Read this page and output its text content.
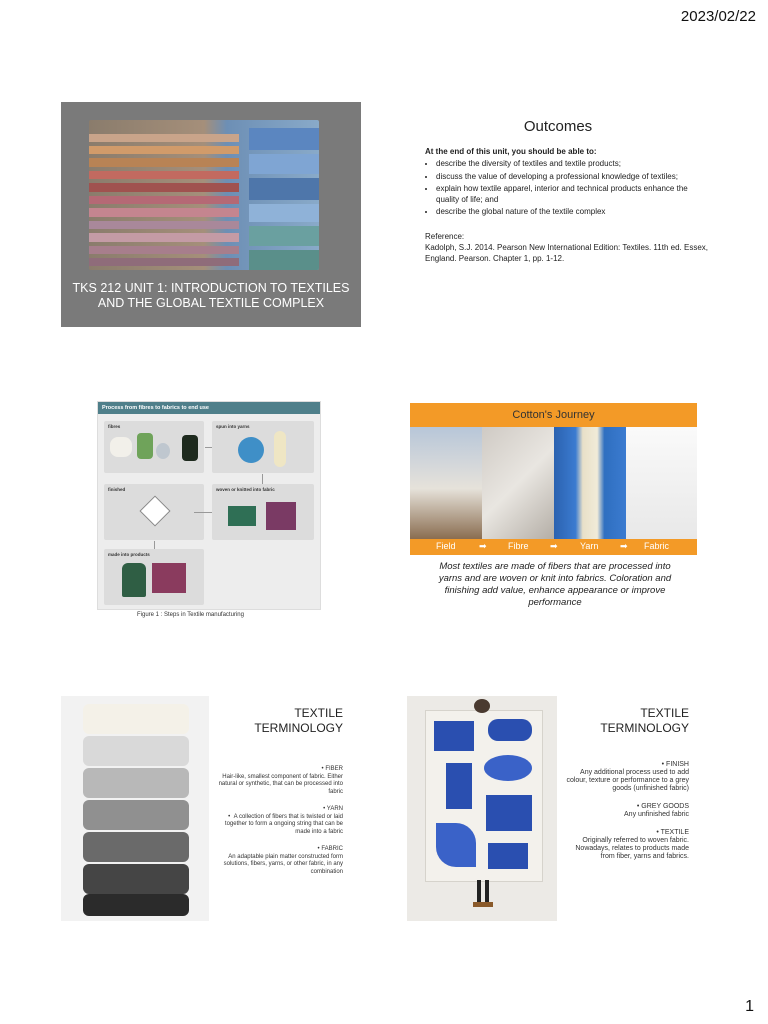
2023/02/22
TKS 212 UNIT 1: INTRODUCTION TO TEXTILES
AND THE GLOBAL TEXTILE COMPLEX
Outcomes
At the end of this unit, you should be able to:
• describe the diversity of textiles and textile products;
• discuss the value of developing a professional knowledge of textiles;
• explain how textile apparel, interior and technical products enhance the quality of life; and
• describe the global nature of the textile complex
Reference:
Kadolph, S.J. 2014. Pearson New International Edition: Textiles. 11th ed. Essex, England. Pearson. Chapter 1, pp. 1-12.
Process from fibres to fabrics to end use
fibres	spun into yarns
finished	woven or knitted into fabric
made into products
Figure 1 : Steps in Textile manufacturing
Cotton's Journey
Field	➡ Fibre ➡ Yarn ➡ Fabric
Most textiles are made of fibers that are processed into yarns and are woven or knit into fabrics. Coloration and finishing add value, enhance appearance or improve performance
TEXTILE
TERMINOLOGY
• FIBER
Hair-like, smallest component of fabric. Either natural or synthetic, that can be processed into fabric
• YARN
•  A collection of fibers that is twisted or laid together to form a ongoing string that can be made into a fabric
• FABRIC
An adaptable plain matter constructed form solutions, fibers, yarns, or other fabric, in any combination
TEXTILE
TERMINOLOGY
• FINISH
Any additional process used to add colour, texture or performance to a grey goods (unfinished fabric)
• GREY GOODS
Any unfinished fabric
• TEXTILE
Originally referred to woven fabric. Nowadays, relates to products made from fiber, yarns and fabrics.
1
